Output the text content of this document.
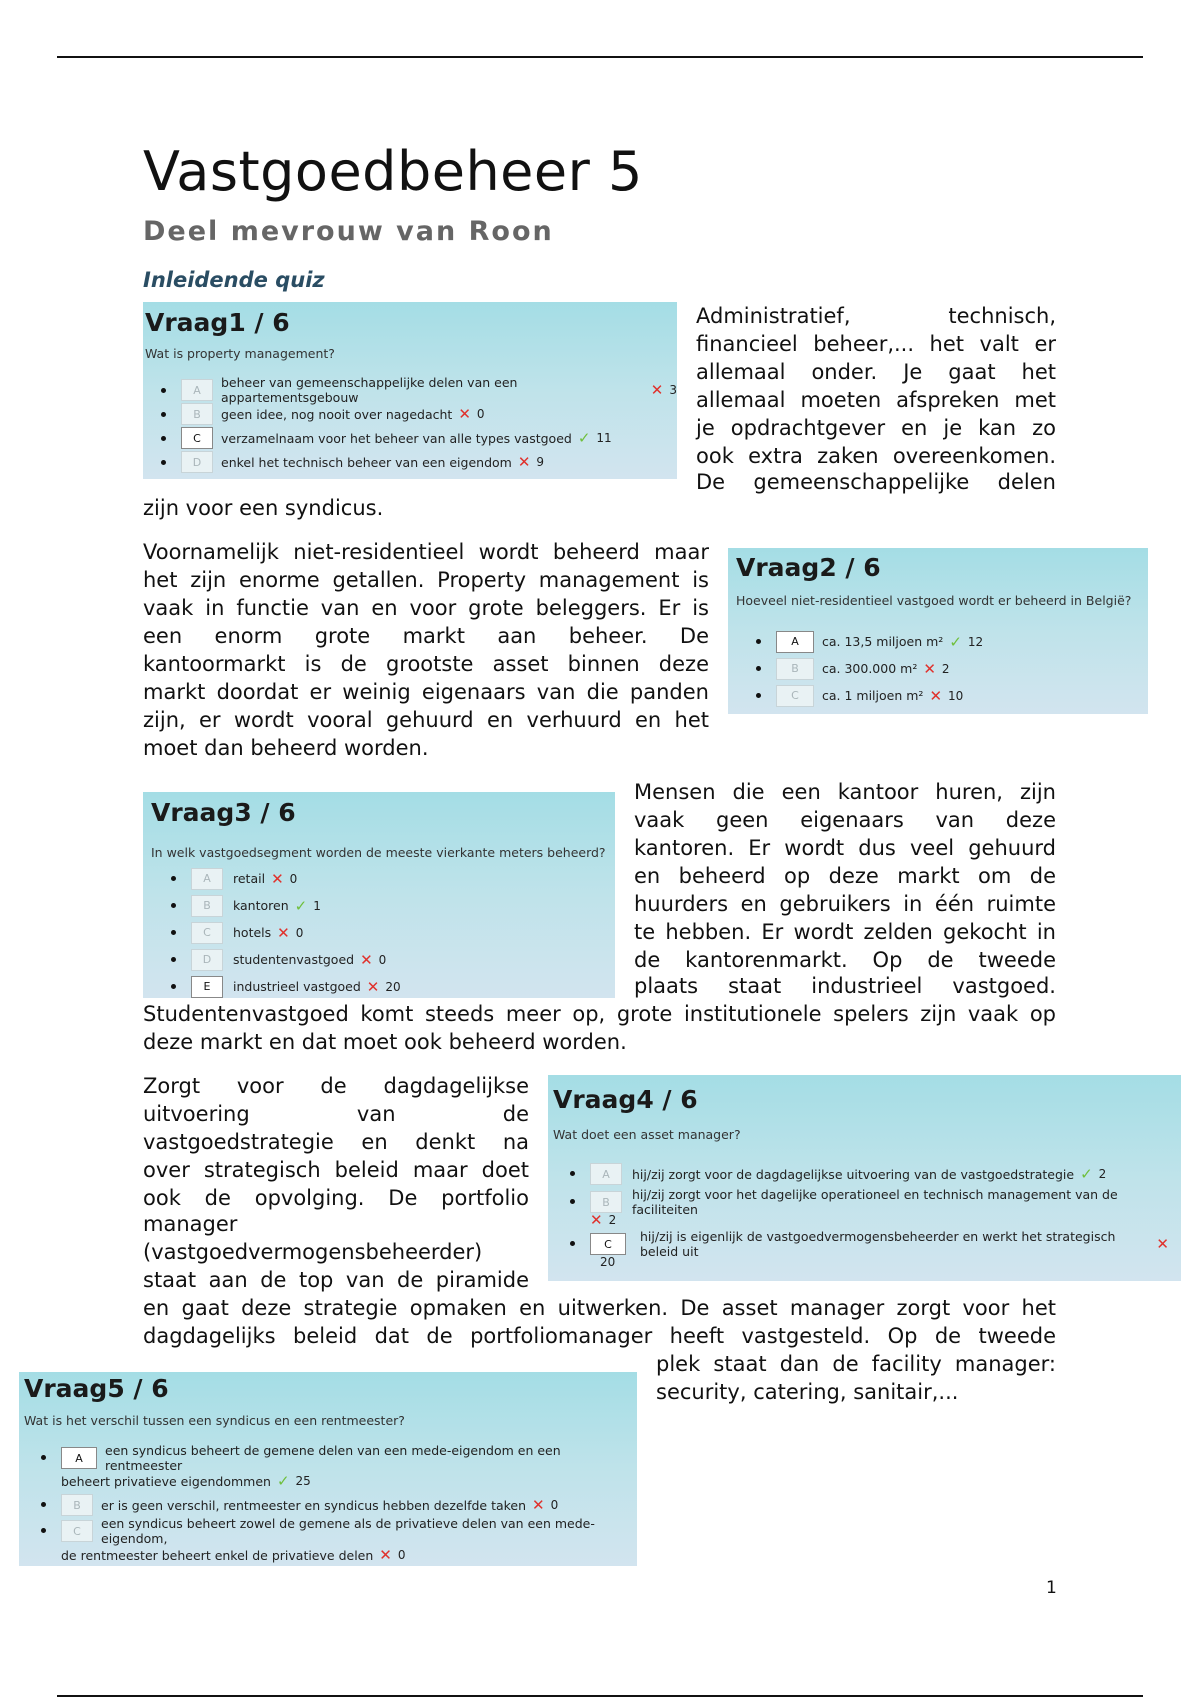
Vastgoedbeheer 5
Deel mevrouw van Roon
Inleidende quiz
Vraag1 / 6
Wat is property management?
A	beheer van gemeenschappelijke delen van een appartementsgebouw	✕ 3
B	geen idee, nog nooit over nagedacht ✕ 0
C	verzamelnaam voor het beheer van alle types vastgoed ✓ 11
D	enkel het technisch beheer van een eigendom ✕ 9
Administratief, technisch,
financieel beheer,... het valt er
allemaal onder. Je gaat het
allemaal moeten afspreken met
je opdrachtgever en je kan zo
ook extra zaken overeenkomen.
De gemeenschappelijke delen
zijn voor een syndicus.
Voornamelijk niet-residentieel wordt beheerd maar
het zijn enorme getallen. Property management is
vaak in functie van en voor grote beleggers. Er is
een enorm grote markt aan beheer. De
kantoormarkt is de grootste asset binnen deze
markt doordat er weinig eigenaars van die panden
zijn, er wordt vooral gehuurd en verhuurd en het
moet dan beheerd worden.
Vraag2 / 6
Hoeveel niet-residentieel vastgoed wordt er beheerd in België?
A	ca. 13,5 miljoen m² ✓ 12
B	ca. 300.000 m² ✕ 2
C	ca. 1 miljoen m² ✕ 10
Vraag3 / 6
In welk vastgoedsegment worden de meeste vierkante meters beheerd?
A	retail ✕ 0
B	kantoren ✓ 1
C	hotels ✕ 0
D	studentenvastgoed ✕ 0
E	industrieel vastgoed ✕ 20
Mensen die een kantoor huren, zijn
vaak geen eigenaars van deze
kantoren. Er wordt dus veel gehuurd
en beheerd op deze markt om de
huurders en gebruikers in één ruimte
te hebben. Er wordt zelden gekocht in
de kantorenmarkt. Op de tweede
plaats staat industrieel vastgoed.
Studentenvastgoed komt steeds meer op, grote institutionele spelers zijn vaak op
deze markt en dat moet ook beheerd worden.
Zorgt voor de dagdagelijkse
uitvoering van de
vastgoedstrategie en denkt na
over strategisch beleid maar doet
ook de opvolging. De portfolio
manager
(vastgoedvermogensbeheerder)
staat aan de top van de piramide
en gaat deze strategie opmaken en uitwerken. De asset manager zorgt voor het
dagdagelijks beleid dat de portfoliomanager heeft vastgesteld. Op de tweede
Vraag4 / 6
Wat doet een asset manager?
A	hij/zij zorgt voor de dagdagelijkse uitvoering van de vastgoedstrategie ✓ 2
B	hij/zij zorgt voor het dagelijke operationeel en technisch management van de faciliteiten
✕ 2
C	hij/zij is eigenlijk de vastgoedvermogensbeheerder en werkt het strategisch beleid uit	✕
20
plek staat dan de facility manager:
security, catering, sanitair,...
Vraag5 / 6
Wat is het verschil tussen een syndicus en een rentmeester?
A	een syndicus beheert de gemene delen van een mede-eigendom en een rentmeester
beheert privatieve eigendommen ✓ 25
B	er is geen verschil, rentmeester en syndicus hebben dezelfde taken ✕ 0
C	een syndicus beheert zowel de gemene als de privatieve delen van een mede-eigendom,
de rentmeester beheert enkel de privatieve delen ✕ 0
1
